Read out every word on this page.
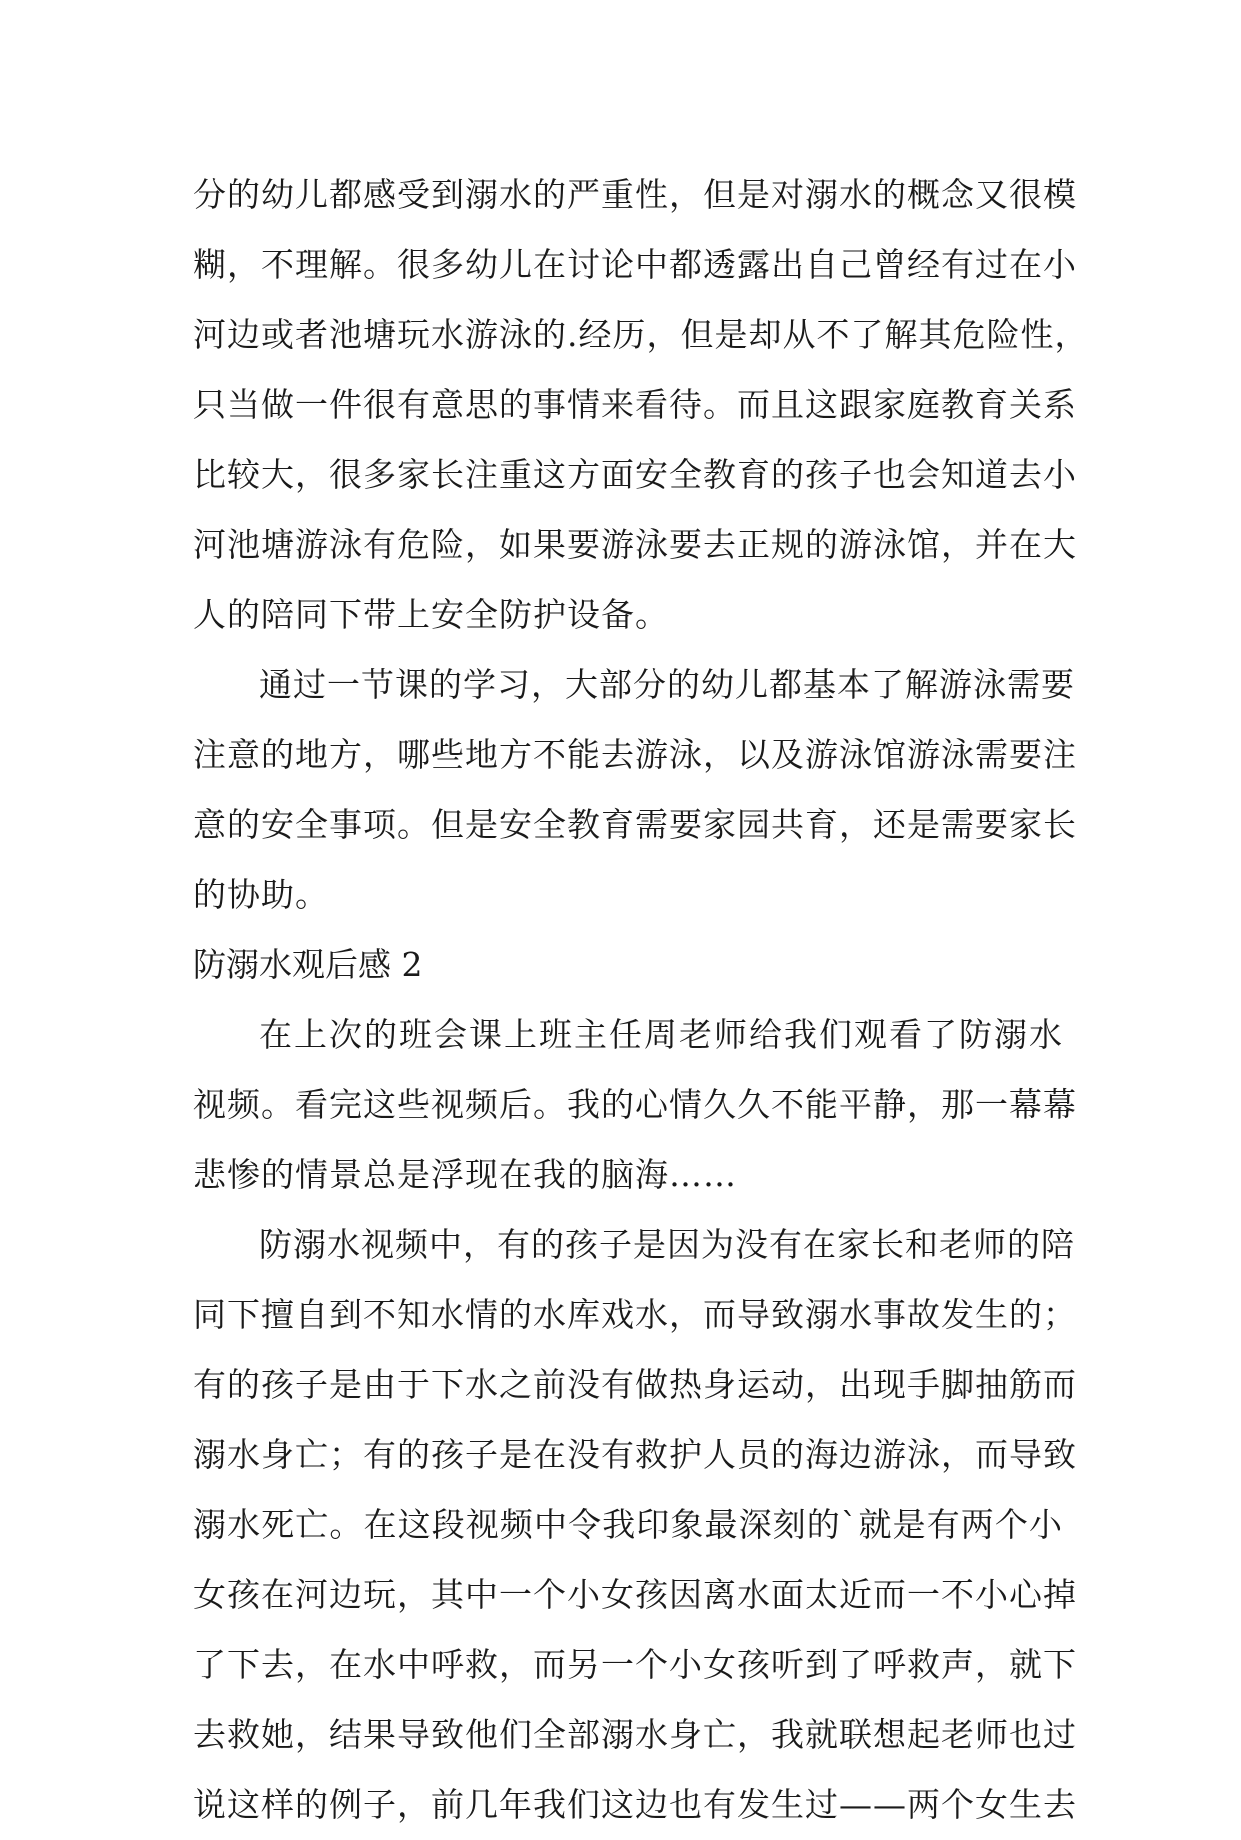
分的幼儿都感受到溺水的严重性，但是对溺水的概念又很模
糊，不理解。很多幼儿在讨论中都透露出自己曾经有过在小
河边或者池塘玩水游泳的.经历，但是却从不了解其危险性，
只当做一件很有意思的事情来看待。而且这跟家庭教育关系
比较大，很多家长注重这方面安全教育的孩子也会知道去小
河池塘游泳有危险，如果要游泳要去正规的游泳馆，并在大
人的陪同下带上安全防护设备。
通过一节课的学习，大部分的幼儿都基本了解游泳需要
注意的地方，哪些地方不能去游泳，以及游泳馆游泳需要注
意的安全事项。但是安全教育需要家园共育，还是需要家长
的协助。
防溺水观后感 2
在上次的班会课上班主任周老师给我们观看了防溺水
视频。看完这些视频后。我的心情久久不能平静，那一幕幕
悲惨的情景总是浮现在我的脑海……
防溺水视频中，有的孩子是因为没有在家长和老师的陪
同下擅自到不知水情的水库戏水，而导致溺水事故发生的；
有的孩子是由于下水之前没有做热身运动，出现手脚抽筋而
溺水身亡；有的孩子是在没有救护人员的海边游泳，而导致
溺水死亡。在这段视频中令我印象最深刻的`就是有两个小
女孩在河边玩，其中一个小女孩因离水面太近而一不小心掉
了下去，在水中呼救，而另一个小女孩听到了呼救声，就下
去救她，结果导致他们全部溺水身亡，我就联想起老师也过
说这样的例子，前几年我们这边也有发生过——两个女生去
